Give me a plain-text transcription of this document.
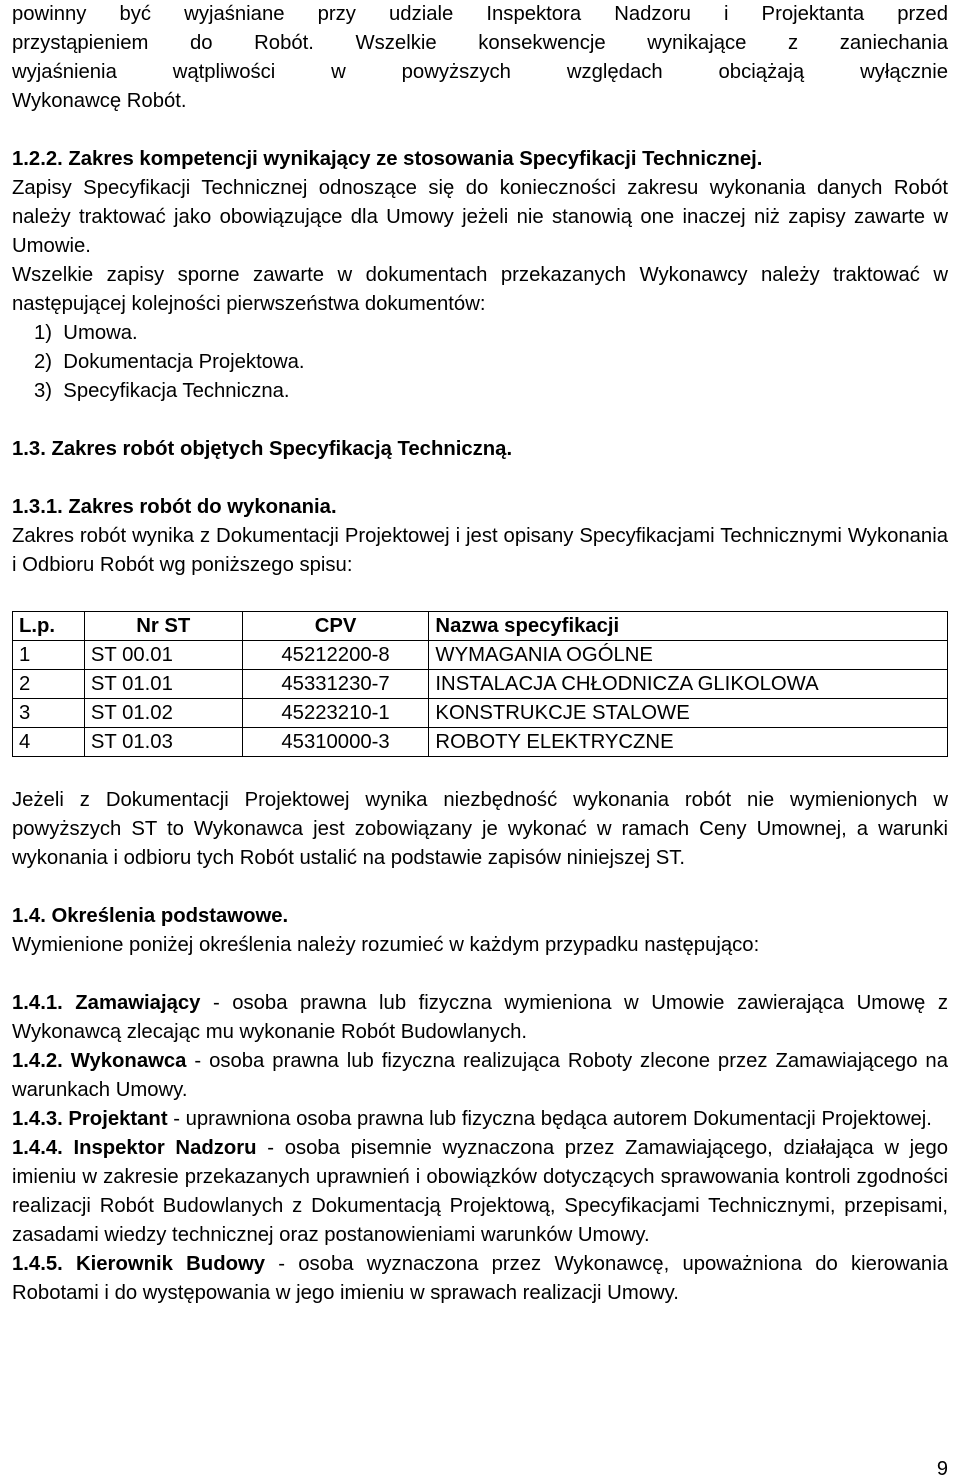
powinny być wyjaśniane przy udziale Inspektora Nadzoru i Projektanta przed
przystąpieniem do Robót. Wszelkie konsekwencje wynikające z zaniechania
wyjaśnienia wątpliwości w powyższych względach obciążają wyłącznie
Wykonawcę Robót.

1.2.2. Zakres kompetencji wynikający ze stosowania Specyfikacji Technicznej.

Zapisy Specyfikacji Technicznej odnoszące się do konieczności zakresu wykonania danych Robót należy traktować jako obowiązujące dla Umowy jeżeli nie stanowią one inaczej niż zapisy zawarte w Umowie.

Wszelkie zapisy sporne zawarte w dokumentach przekazanych Wykonawcy należy traktować w następującej kolejności pierwszeństwa dokumentów:

1)  Umowa.
2)  Dokumentacja Projektowa.
3)  Specyfikacja Techniczna.

1.3. Zakres robót objętych Specyfikacją Techniczną.

1.3.1. Zakres robót do wykonania.

Zakres robót wynika z Dokumentacji Projektowej i jest opisany Specyfikacjami Technicznymi Wykonania i Odbioru Robót wg poniższego spisu:

L.p.	Nr ST	CPV	Nazwa specyfikacji
1	ST 00.01	45212200-8	WYMAGANIA OGÓLNE
2	ST 01.01	45331230-7	INSTALACJA CHŁODNICZA GLIKOLOWA
3	ST 01.02	45223210-1	KONSTRUKCJE STALOWE
4	ST 01.03	45310000-3	ROBOTY ELEKTRYCZNE

Jeżeli z Dokumentacji Projektowej wynika niezbędność wykonania robót nie wymienionych w powyższych ST to Wykonawca jest zobowiązany je wykonać w ramach Ceny Umownej, a warunki wykonania i odbioru tych Robót ustalić na podstawie zapisów niniejszej ST.

1.4. Określenia podstawowe.

Wymienione poniżej określenia należy rozumieć w każdym przypadku następująco:

1.4.1. Zamawiający - osoba prawna lub fizyczna wymieniona w Umowie zawierająca Umowę z Wykonawcą zlecając mu wykonanie Robót Budowlanych.

1.4.2. Wykonawca - osoba prawna lub fizyczna realizująca Roboty zlecone przez Zamawiającego na warunkach Umowy.

1.4.3. Projektant - uprawniona osoba prawna lub fizyczna będąca autorem Dokumentacji Projektowej.

1.4.4. Inspektor Nadzoru - osoba pisemnie wyznaczona przez Zamawiającego, działająca w jego imieniu w zakresie przekazanych uprawnień i obowiązków dotyczących sprawowania kontroli zgodności realizacji Robót Budowlanych z Dokumentacją Projektową, Specyfikacjami Technicznymi, przepisami, zasadami wiedzy technicznej oraz postanowieniami warunków Umowy.

1.4.5. Kierownik Budowy - osoba wyznaczona przez Wykonawcę, upoważniona do kierowania Robotami i do występowania w jego imieniu w sprawach realizacji Umowy.

9
